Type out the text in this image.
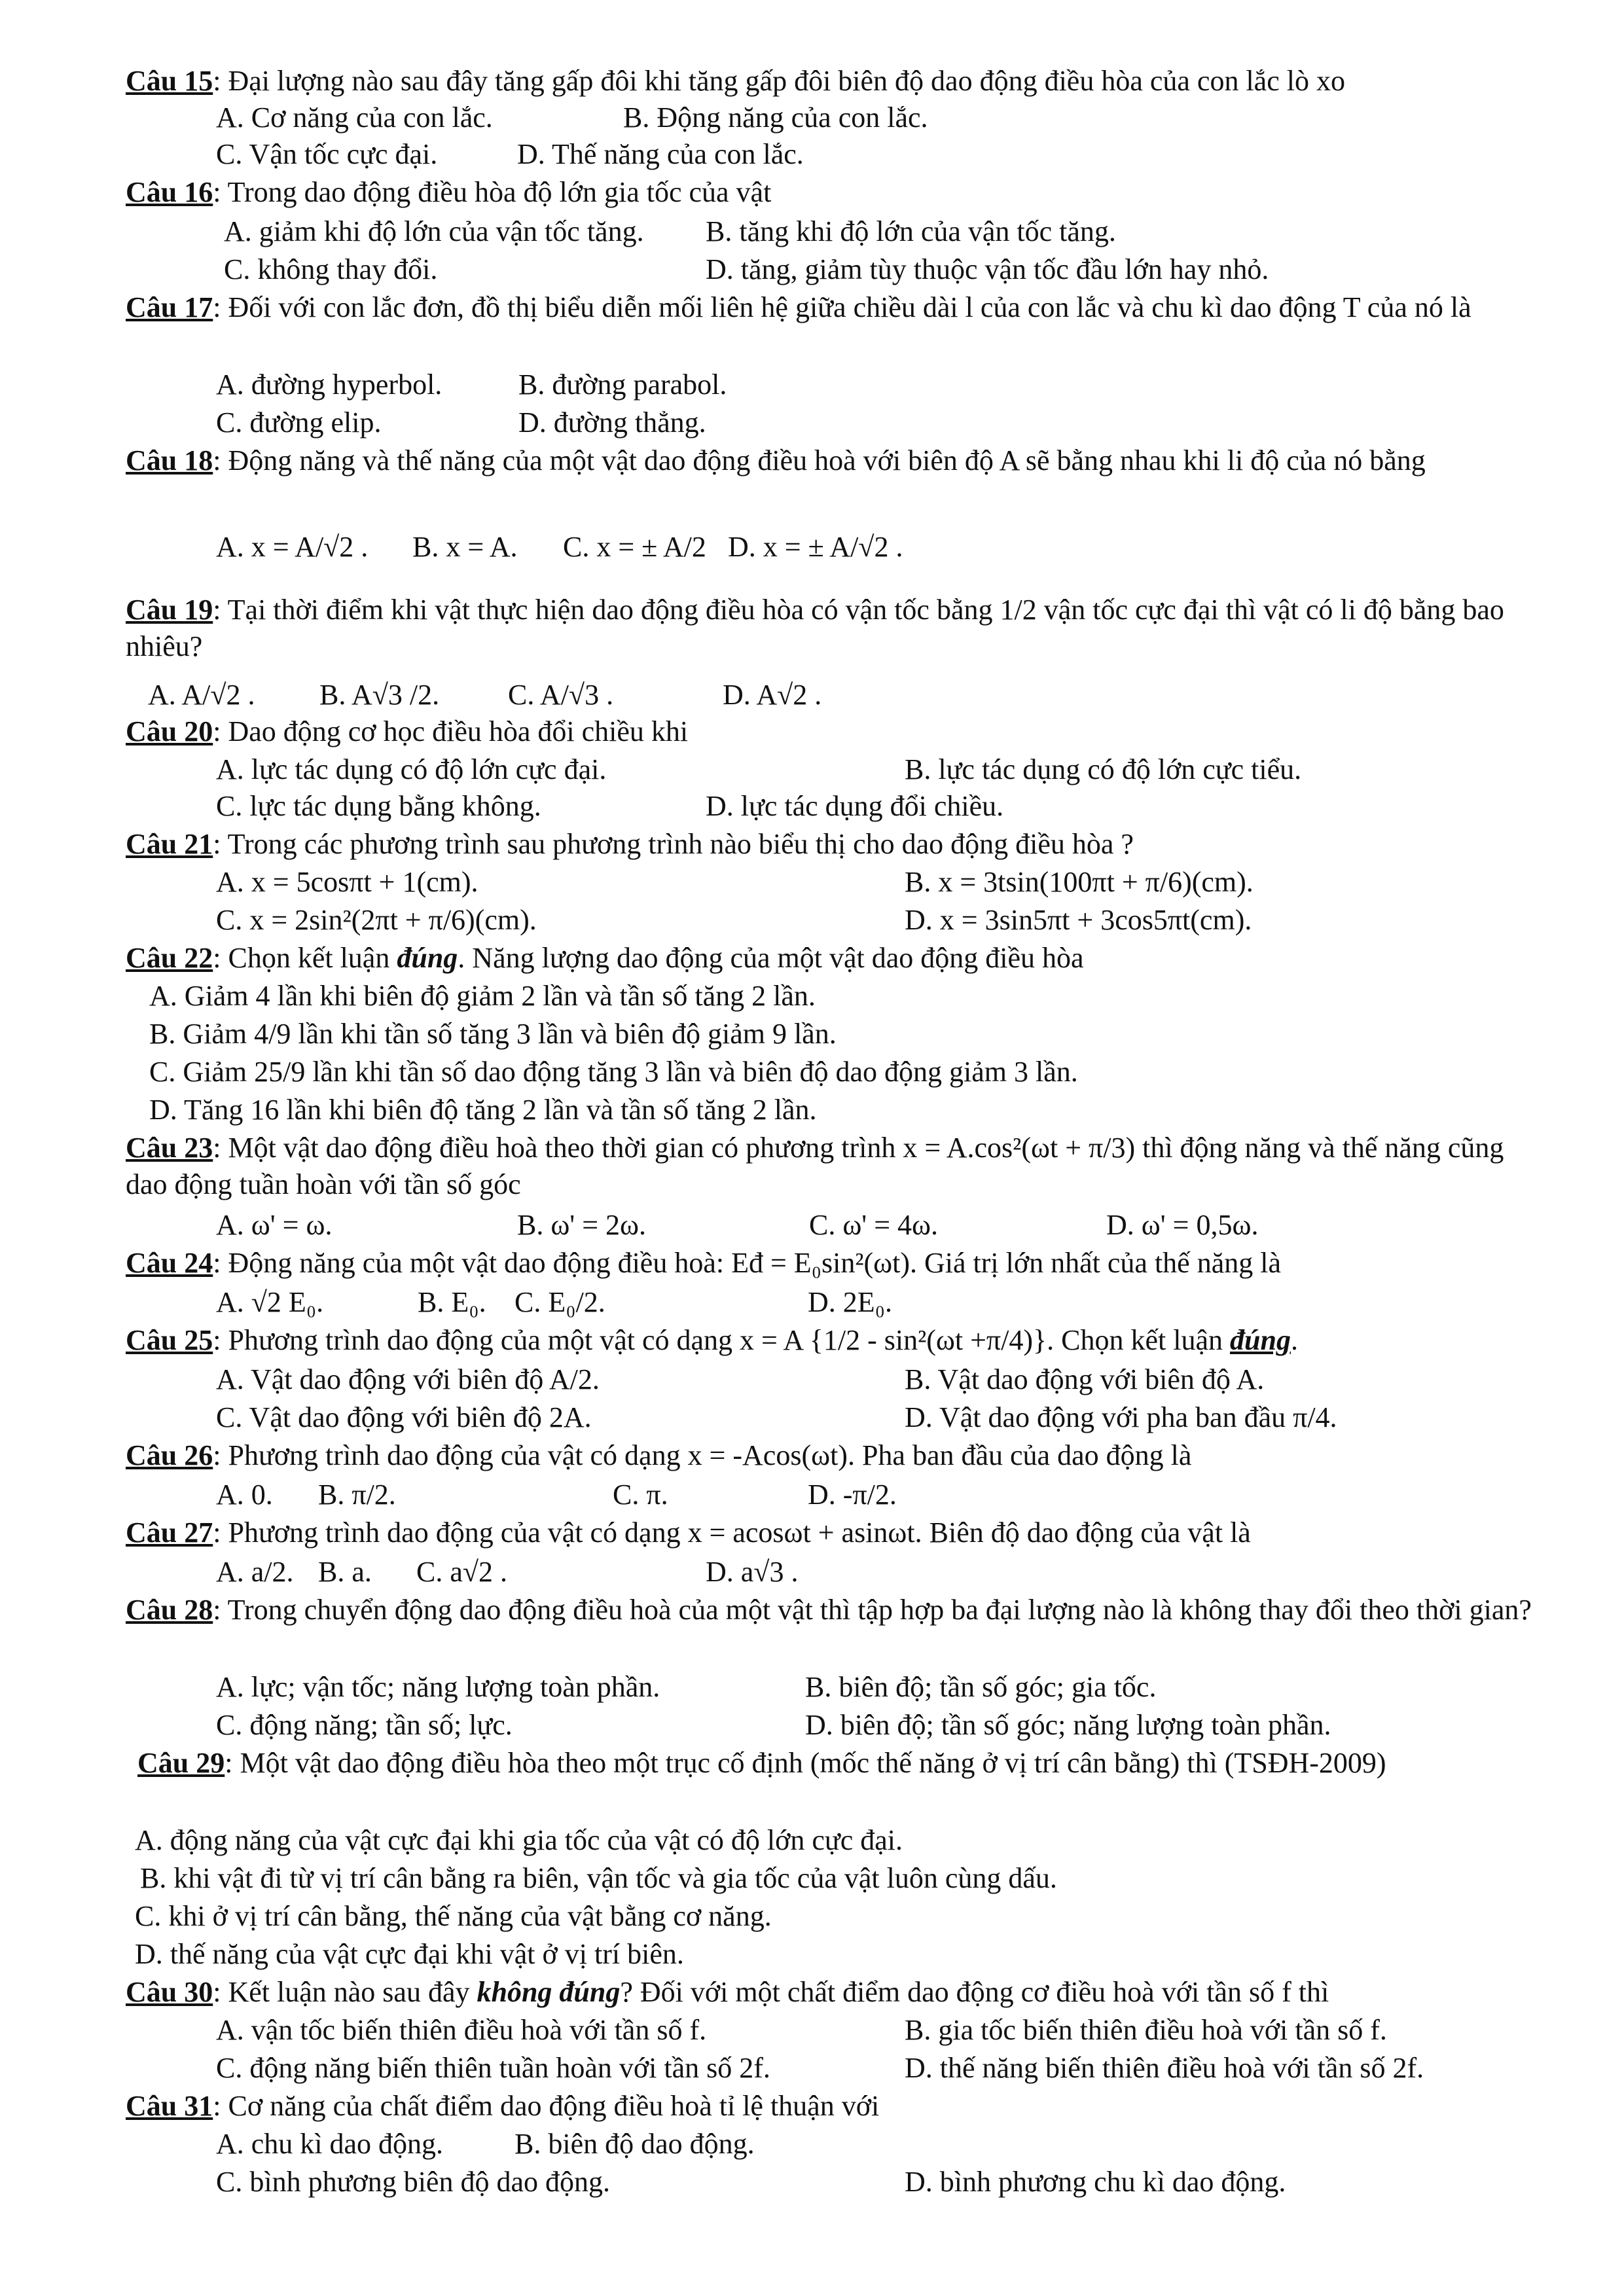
Câu 15: Đại lượng nào sau đây tăng gấp đôi khi tăng gấp đôi biên độ dao động điều hòa của con lắc lò xo
A. Cơ năng của con lắc.	B. Động năng của con lắc.
C. Vận tốc cực đại.	D. Thế năng của con lắc.
Câu 16: Trong dao động điều hòa độ lớn gia tốc của vật
A. giảm khi độ lớn của vận tốc tăng. B. tăng khi độ lớn của vận tốc tăng.
C. không thay đổi.	D. tăng, giảm tùy thuộc vận tốc đầu lớn hay nhỏ.
Câu 17: Đối với con lắc đơn, đồ thị biểu diễn mối liên hệ giữa chiều dài l của con lắc và chu kì dao động T của nó là
A. đường hyperbol.	B. đường parabol.
C. đường elip.	D. đường thẳng.
Câu 18: Động năng và thế năng của một vật dao động điều hoà với biên độ A sẽ bằng nhau khi li độ của nó bằng
A. x = A/√2 . B. x = A. C. x = ± A/2 D. x = ± A/√2 .
Câu 19: Tại thời điểm khi vật thực hiện dao động điều hòa có vận tốc bằng 1/2 vận tốc cực đại thì vật có li độ bằng bao nhiêu?
A. A/√2 . B. A√3 /2. C. A/√3 .	D. A√2 .
Câu 20: Dao động cơ học điều hòa đổi chiều khi
A. lực tác dụng có độ lớn cực đại.	B. lực tác dụng có độ lớn cực tiểu.
C. lực tác dụng bằng không.	D. lực tác dụng đổi chiều.
Câu 21: Trong các phương trình sau phương trình nào biểu thị cho dao động điều hòa ?
A. x = 5cosπt + 1(cm).	B. x = 3tsin(100πt + π/6)(cm).
C. x = 2sin²(2πt + π/6)(cm).	D. x = 3sin5πt + 3cos5πt(cm).
Câu 22: Chọn kết luận đúng. Năng lượng dao động của một vật dao động điều hòa
A. Giảm 4 lần khi biên độ giảm 2 lần và tần số tăng 2 lần.
B. Giảm 4/9 lần khi tần số tăng 3 lần và biên độ giảm 9 lần.
C. Giảm 25/9 lần khi tần số dao động tăng 3 lần và biên độ dao động giảm 3 lần.
D. Tăng 16 lần khi biên độ tăng 2 lần và tần số tăng 2 lần.
Câu 23: Một vật dao động điều hoà theo thời gian có phương trình x = A.cos²(ωt + π/3) thì động năng và thế năng cũng dao động tuần hoàn với tần số góc
A. ω' = ω.	B. ω' = 2ω.	C. ω' = 4ω.	D. ω' = 0,5ω.
Câu 24: Động năng của một vật dao động điều hoà: Eđ = E₀sin²(ωt). Giá trị lớn nhất của thế năng là
A. √2 E₀.	B. E₀. C. E₀/2.	D. 2E₀.
Câu 25: Phương trình dao động của một vật có dạng x = A {1/2 - sin²(ωt +π/4)}. Chọn kết luận đúng.
A. Vật dao động với biên độ A/2.	B. Vật dao động với biên độ A.
C. Vật dao động với biên độ 2A.	D. Vật dao động với pha ban đầu π/4.
Câu 26: Phương trình dao động của vật có dạng x = -Acos(ωt). Pha ban đầu của dao động là
A. 0. B. π/2.	C. π.	D. -π/2.
Câu 27: Phương trình dao động của vật có dạng x = acosωt + asinωt. Biên độ dao động của vật là
A. a/2. B. a. C. a√2 .	D. a√3 .
Câu 28: Trong chuyển động dao động điều hoà của một vật thì tập hợp ba đại lượng nào là không thay đổi theo thời gian?
A. lực; vận tốc; năng lượng toàn phần.	B. biên độ; tần số góc; gia tốc.
C. động năng; tần số; lực.	D. biên độ; tần số góc; năng lượng toàn phần.
Câu 29: Một vật dao động điều hòa theo một trục cố định (mốc thế năng ở vị trí cân bằng) thì (TSĐH-2009)
A. động năng của vật cực đại khi gia tốc của vật có độ lớn cực đại.
B. khi vật đi từ vị trí cân bằng ra biên, vận tốc và gia tốc của vật luôn cùng dấu.
C. khi ở vị trí cân bằng, thế năng của vật bằng cơ năng.
D. thế năng của vật cực đại khi vật ở vị trí biên.
Câu 30: Kết luận nào sau đây không đúng? Đối với một chất điểm dao động cơ điều hoà với tần số f thì
A. vận tốc biến thiên điều hoà với tần số f.	B. gia tốc biến thiên điều hoà với tần số f.
C. động năng biến thiên tuần hoàn với tần số 2f.	D. thế năng biến thiên điều hoà với tần số 2f.
Câu 31: Cơ năng của chất điểm dao động điều hoà tỉ lệ thuận với
A. chu kì dao động. B. biên độ dao động.
C. bình phương biên độ dao động.	D. bình phương chu kì dao động.
